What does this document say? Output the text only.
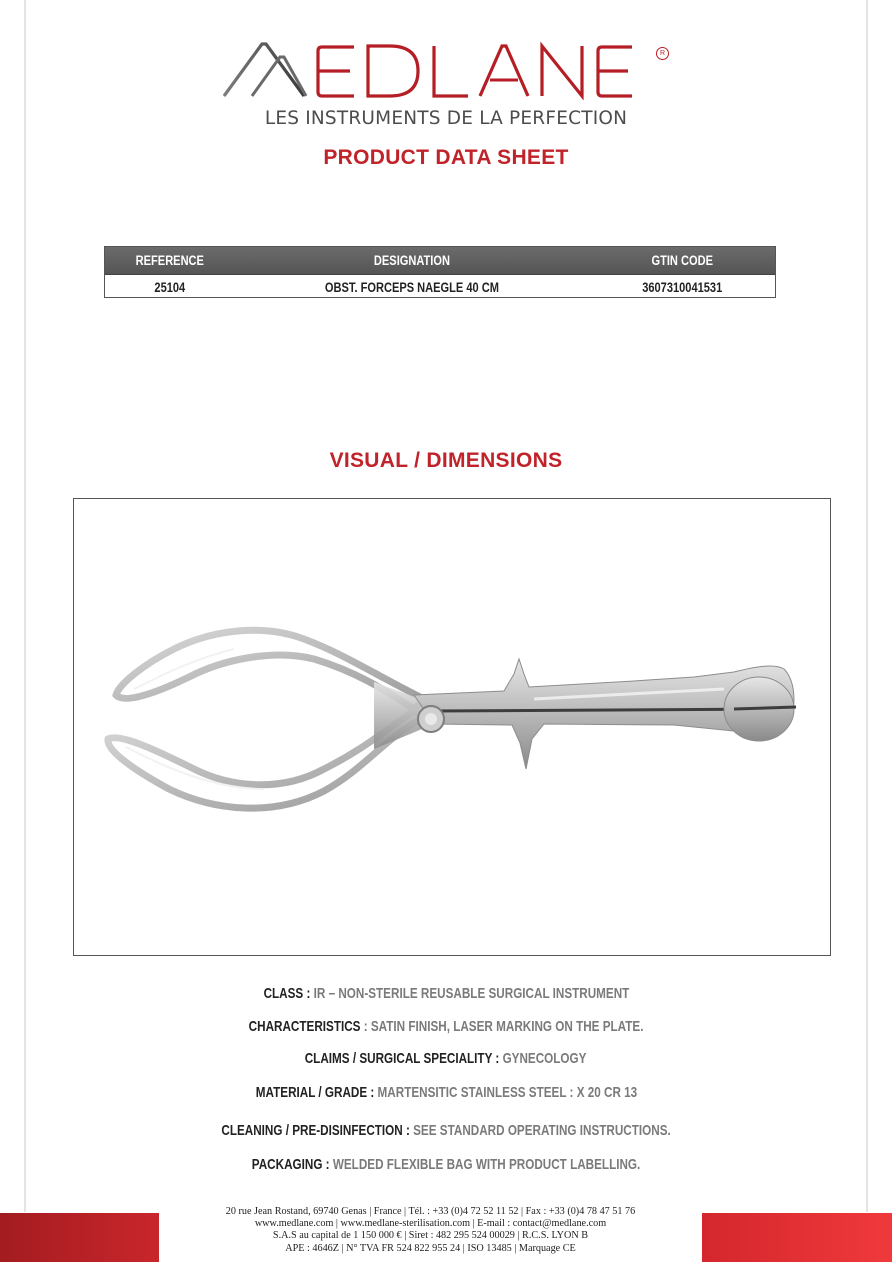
R
LES INSTRUMENTS DE LA PERFECTION
PRODUCT DATA SHEET
REFERENCE	DESIGNATION	GTIN CODE
25104	OBST. FORCEPS NAEGLE 40 CM	3607310041531
VISUAL / DIMENSIONS
CLASS : IR – NON-STERILE REUSABLE SURGICAL INSTRUMENT
CHARACTERISTICS : SATIN FINISH, LASER MARKING ON THE PLATE.
CLAIMS / SURGICAL SPECIALITY : GYNECOLOGY
MATERIAL / GRADE : MARTENSITIC STAINLESS STEEL : X 20 CR 13
CLEANING / PRE-DISINFECTION : SEE STANDARD OPERATING INSTRUCTIONS.
PACKAGING : WELDED FLEXIBLE BAG WITH PRODUCT LABELLING.
20 rue Jean Rostand, 69740 Genas | France | Tél. : +33 (0)4 72 52 11 52 | Fax : +33 (0)4 78 47 51 76
www.medlane.com | www.medlane-sterilisation.com | E-mail : contact@medlane.com
S.A.S au capital de 1 150 000 € | Siret : 482 295 524 00029 | R.C.S. LYON B
APE : 4646Z | N° TVA FR 524 822 955 24 | ISO 13485 | Marquage CE
